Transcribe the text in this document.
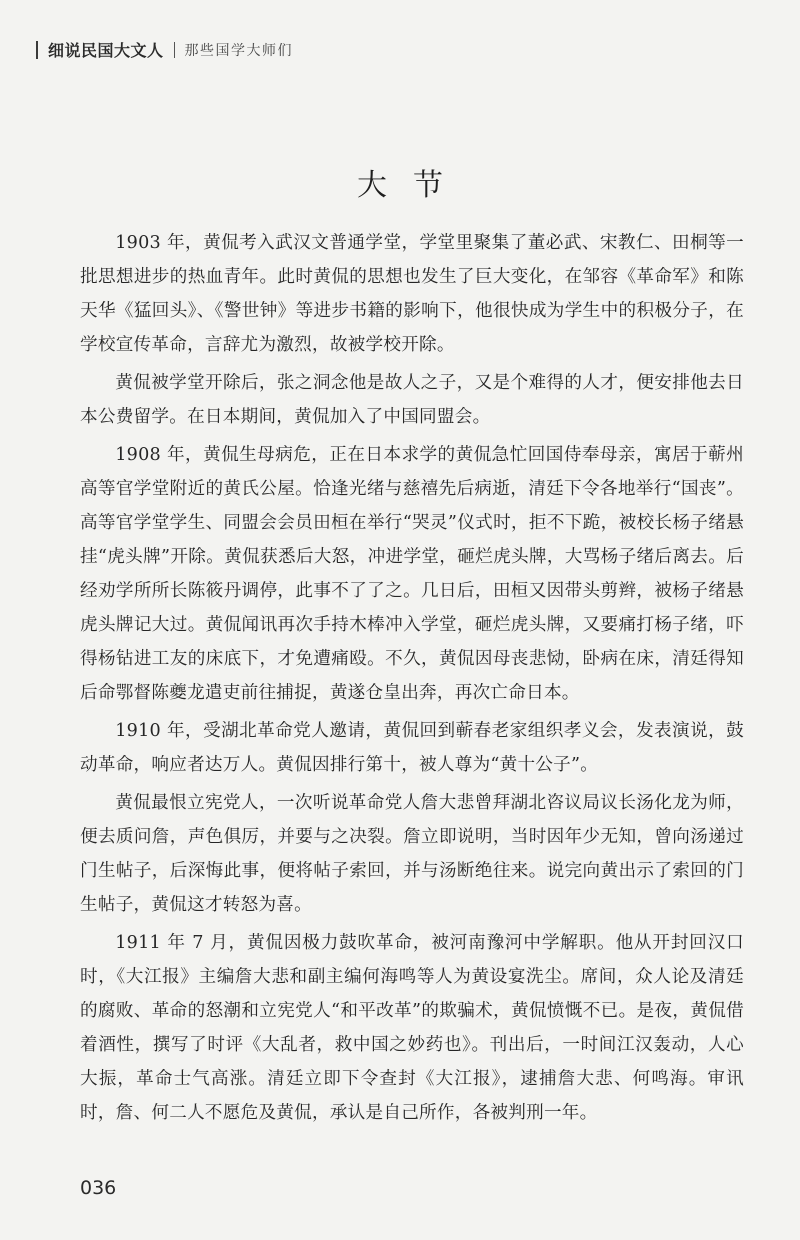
细说民国大文人 那些国学大师们
大节

1903 年，黄侃考入武汉文普通学堂，学堂里聚集了董必武、宋教仁、田桐等一批思想进步的热血青年。此时黄侃的思想也发生了巨大变化，在邹容《革命军》和陈天华《猛回头》、《警世钟》等进步书籍的影响下，他很快成为学生中的积极分子，在学校宣传革命，言辞尤为激烈，故被学校开除。

黄侃被学堂开除后，张之洞念他是故人之子，又是个难得的人才，便安排他去日本公费留学。在日本期间，黄侃加入了中国同盟会。

1908 年，黄侃生母病危，正在日本求学的黄侃急忙回国侍奉母亲，寓居于蕲州高等官学堂附近的黄氏公屋。恰逢光绪与慈禧先后病逝，清廷下令各地举行“国丧”。高等官学堂学生、同盟会会员田桓在举行“哭灵”仪式时，拒不下跪，被校长杨子绪悬挂“虎头牌”开除。黄侃获悉后大怒，冲进学堂，砸烂虎头牌，大骂杨子绪后离去。后经劝学所所长陈筱丹调停，此事不了了之。几日后，田桓又因带头剪辫，被杨子绪悬虎头牌记大过。黄侃闻讯再次手持木棒冲入学堂，砸烂虎头牌，又要痛打杨子绪，吓得杨钻进工友的床底下，才免遭痛殴。不久，黄侃因母丧悲恸，卧病在床，清廷得知后命鄂督陈夔龙遣吏前往捕捉，黄遂仓皇出奔，再次亡命日本。

1910 年，受湖北革命党人邀请，黄侃回到蕲春老家组织孝义会，发表演说，鼓动革命，响应者达万人。黄侃因排行第十，被人尊为“黄十公子”。

黄侃最恨立宪党人，一次听说革命党人詹大悲曾拜湖北咨议局议长汤化龙为师，便去质问詹，声色俱厉，并要与之决裂。詹立即说明，当时因年少无知，曾向汤递过门生帖子，后深悔此事，便将帖子索回，并与汤断绝往来。说完向黄出示了索回的门生帖子，黄侃这才转怒为喜。

1911 年 7 月，黄侃因极力鼓吹革命，被河南豫河中学解职。他从开封回汉口时，《大江报》主编詹大悲和副主编何海鸣等人为黄设宴洗尘。席间，众人论及清廷的腐败、革命的怒潮和立宪党人“和平改革”的欺骗术，黄侃愤慨不已。是夜，黄侃借着酒性，撰写了时评《大乱者，救中国之妙药也》。刊出后，一时间江汉轰动，人心大振，革命士气高涨。清廷立即下令查封《大江报》，逮捕詹大悲、何鸣海。审讯时，詹、何二人不愿危及黄侃，承认是自己所作，各被判刑一年。

036
